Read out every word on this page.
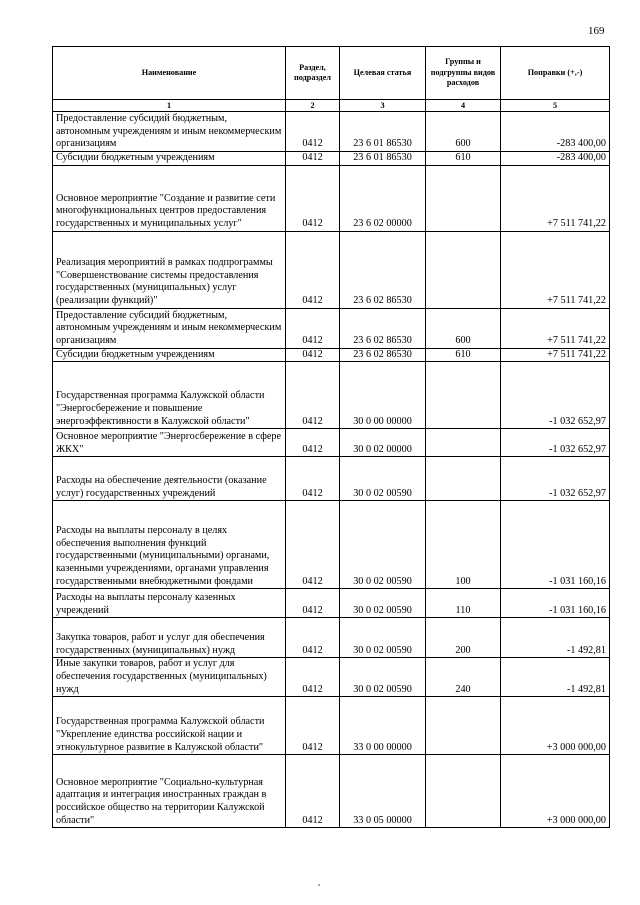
169
Наименование	Раздел, подраздел	Целевая статья	Группы и подгруппы видов расходов	Поправки (+,-)
1	2	3	4	5
Предоставление субсидий бюджетным, автономным учреждениям и иным некоммерческим организациям	0412	23 6 01 86530	600	-283 400,00
Субсидии бюджетным учреждениям	0412	23 6 01 86530	610	-283 400,00
Основное мероприятие "Создание и развитие сети многофункциональных центров предоставления государственных и муниципальных услуг"	0412	23 6 02 00000		+7 511 741,22
Реализация мероприятий в рамках подпрограммы "Совершенствование системы предоставления государственных (муниципальных) услуг (реализации функций)"	0412	23 6 02 86530		+7 511 741,22
Предоставление субсидий бюджетным, автономным учреждениям и иным некоммерческим организациям	0412	23 6 02 86530	600	+7 511 741,22
Субсидии бюджетным учреждениям	0412	23 6 02 86530	610	+7 511 741,22
Государственная программа Калужской области "Энергосбережение и повышение энергоэффективности в Калужской области"	0412	30 0 00 00000		-1 032 652,97
Основное мероприятие "Энергосбережение в сфере ЖКХ"	0412	30 0 02 00000		-1 032 652,97
Расходы на обеспечение деятельности (оказание услуг) государственных учреждений	0412	30 0 02 00590		-1 032 652,97
Расходы на выплаты персоналу в целях обеспечения выполнения функций государственными (муниципальными) органами, казенными учреждениями, органами управления государственными внебюджетными фондами	0412	30 0 02 00590	100	-1 031 160,16
Расходы на выплаты персоналу казенных учреждений	0412	30 0 02 00590	110	-1 031 160,16
Закупка товаров, работ и услуг для обеспечения государственных (муниципальных) нужд	0412	30 0 02 00590	200	-1 492,81
Иные закупки товаров, работ и услуг для обеспечения государственных (муниципальных) нужд	0412	30 0 02 00590	240	-1 492,81
Государственная программа Калужской области "Укрепление единства российской нации и этнокультурное развитие в Калужской области"	0412	33 0 00 00000		+3 000 000,00
Основное мероприятие "Социально-культурная адаптация и интеграция иностранных граждан в российское общество на территории Калужской области"	0412	33 0 05 00000		+3 000 000,00
